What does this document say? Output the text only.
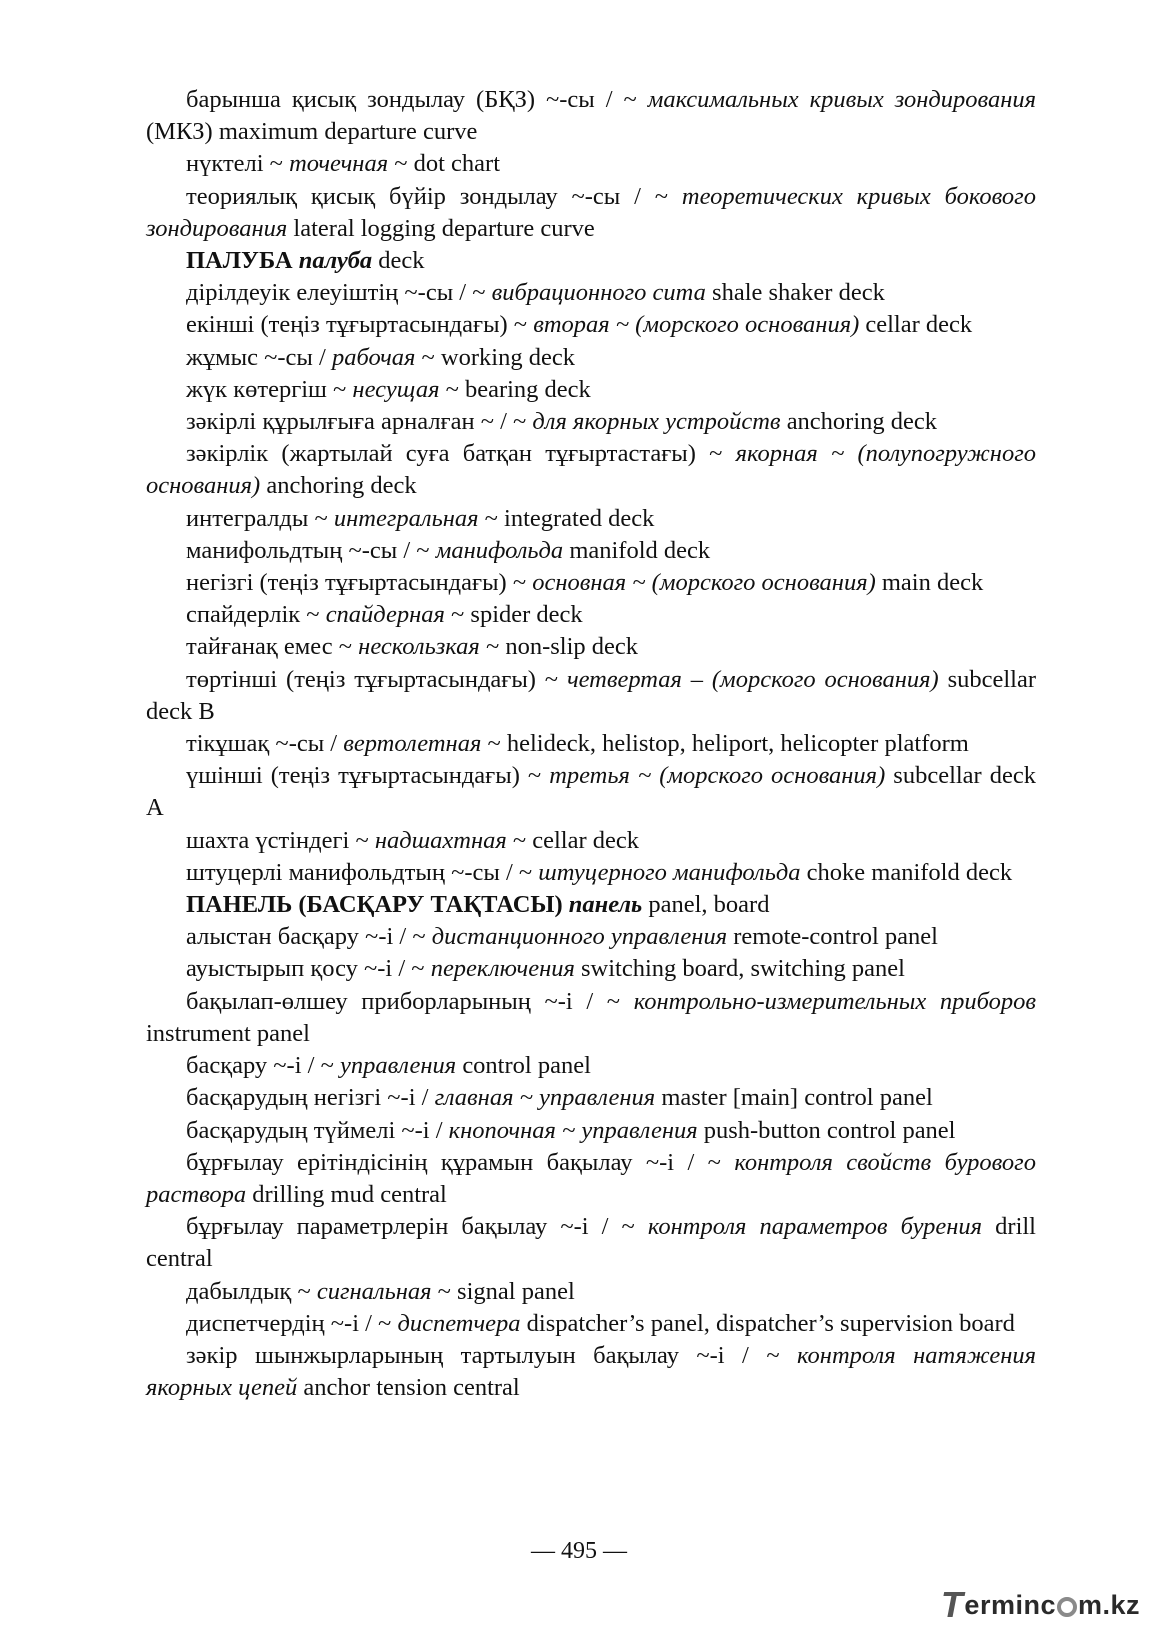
барынша қисық зондылау (БҚЗ) ~-сы / ~ максимальных кривых зондирования (МКЗ) maximum departure curve

нүктелі ~ точечная ~ dot chart

теориялық қисық бүйір зондылау ~-сы / ~ теоретических кривых бокового зондирования lateral logging departure curve

ПАЛУБА палуба deck

дірілдеуік елеуіштің ~-сы / ~ вибрационного сита shale shaker deck

екінші (теңіз тұғыртасындағы) ~ вторая ~ (морского основания) cellar deck

жұмыс ~-сы / рабочая ~ working deck

жүк көтергіш ~ несущая ~ bearing deck

зәкірлі құрылғыға арналған ~ / ~ для якорных устройств anchoring deck

зәкірлік (жартылай суға батқан тұғыртастағы) ~ якорная ~ (полупогружного основания) anchoring deck

интегралды ~ интегральная ~ integrated deck

манифольдтың ~-сы / ~ манифольда manifold deck

негізгі (теңіз тұғыртасындағы) ~ основная ~ (морского основания) main deck

спайдерлік ~ спайдерная ~ spider deck

тайғанақ емес ~ нескользкая ~ non-slip deck

төртінші (теңіз тұғыртасындағы) ~ четвертая – (морского основания) subcellar deck B

тікұшақ ~-сы / вертолетная ~ helideck, helistop, heliport, helicopter platform

үшінші (теңіз тұғыртасындағы) ~ третья ~ (морского основания) subcellar deck A

шахта үстіндегі ~ надшахтная ~ cellar deck

штуцерлі манифольдтың ~-сы / ~ штуцерного манифольда choke manifold deck

ПАНЕЛЬ (БАСҚАРУ ТАҚТАСЫ) панель panel, board

алыстан басқару ~-і / ~ дистанционного управления remote-control panel

ауыстырып қосу ~-і / ~ переключения switching board, switching panel

бақылап-өлшеу приборларының ~-і / ~ контрольно-измерительных приборов instrument panel

басқару ~-і / ~ управления control panel

басқарудың негізгі ~-і / главная ~ управления master [main] control panel

басқарудың түймелі ~-і / кнопочная ~ управления push-button control panel

бұрғылау ерітіндісінің құрамын бақылау ~-і / ~ контроля свойств бурового раствора drilling mud central

бұрғылау параметрлерін бақылау ~-і / ~ контроля параметров бурения drill central

дабылдық ~ сигнальная ~ signal panel

диспетчердің ~-і / ~ диспетчера dispatcher’s panel, dispatcher’s supervision board

зәкір шынжырларының тартылуын бақылау ~-і / ~ контроля натяжения якорных цепей anchor tension central

— 495 —
T erminc m.kz
